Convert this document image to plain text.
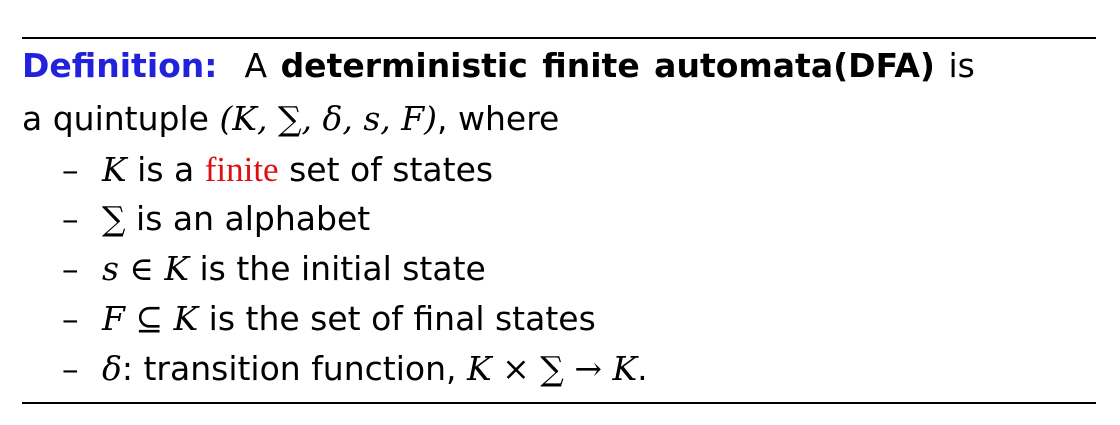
Definition: A deterministic finite automata(DFA) is
a quintuple (K, ∑, δ, s, F), where
– K is a finite set of states
– ∑ is an alphabet
– s ∈ K is the initial state
– F ⊆ K is the set of final states
– δ: transition function, K × ∑ → K.
